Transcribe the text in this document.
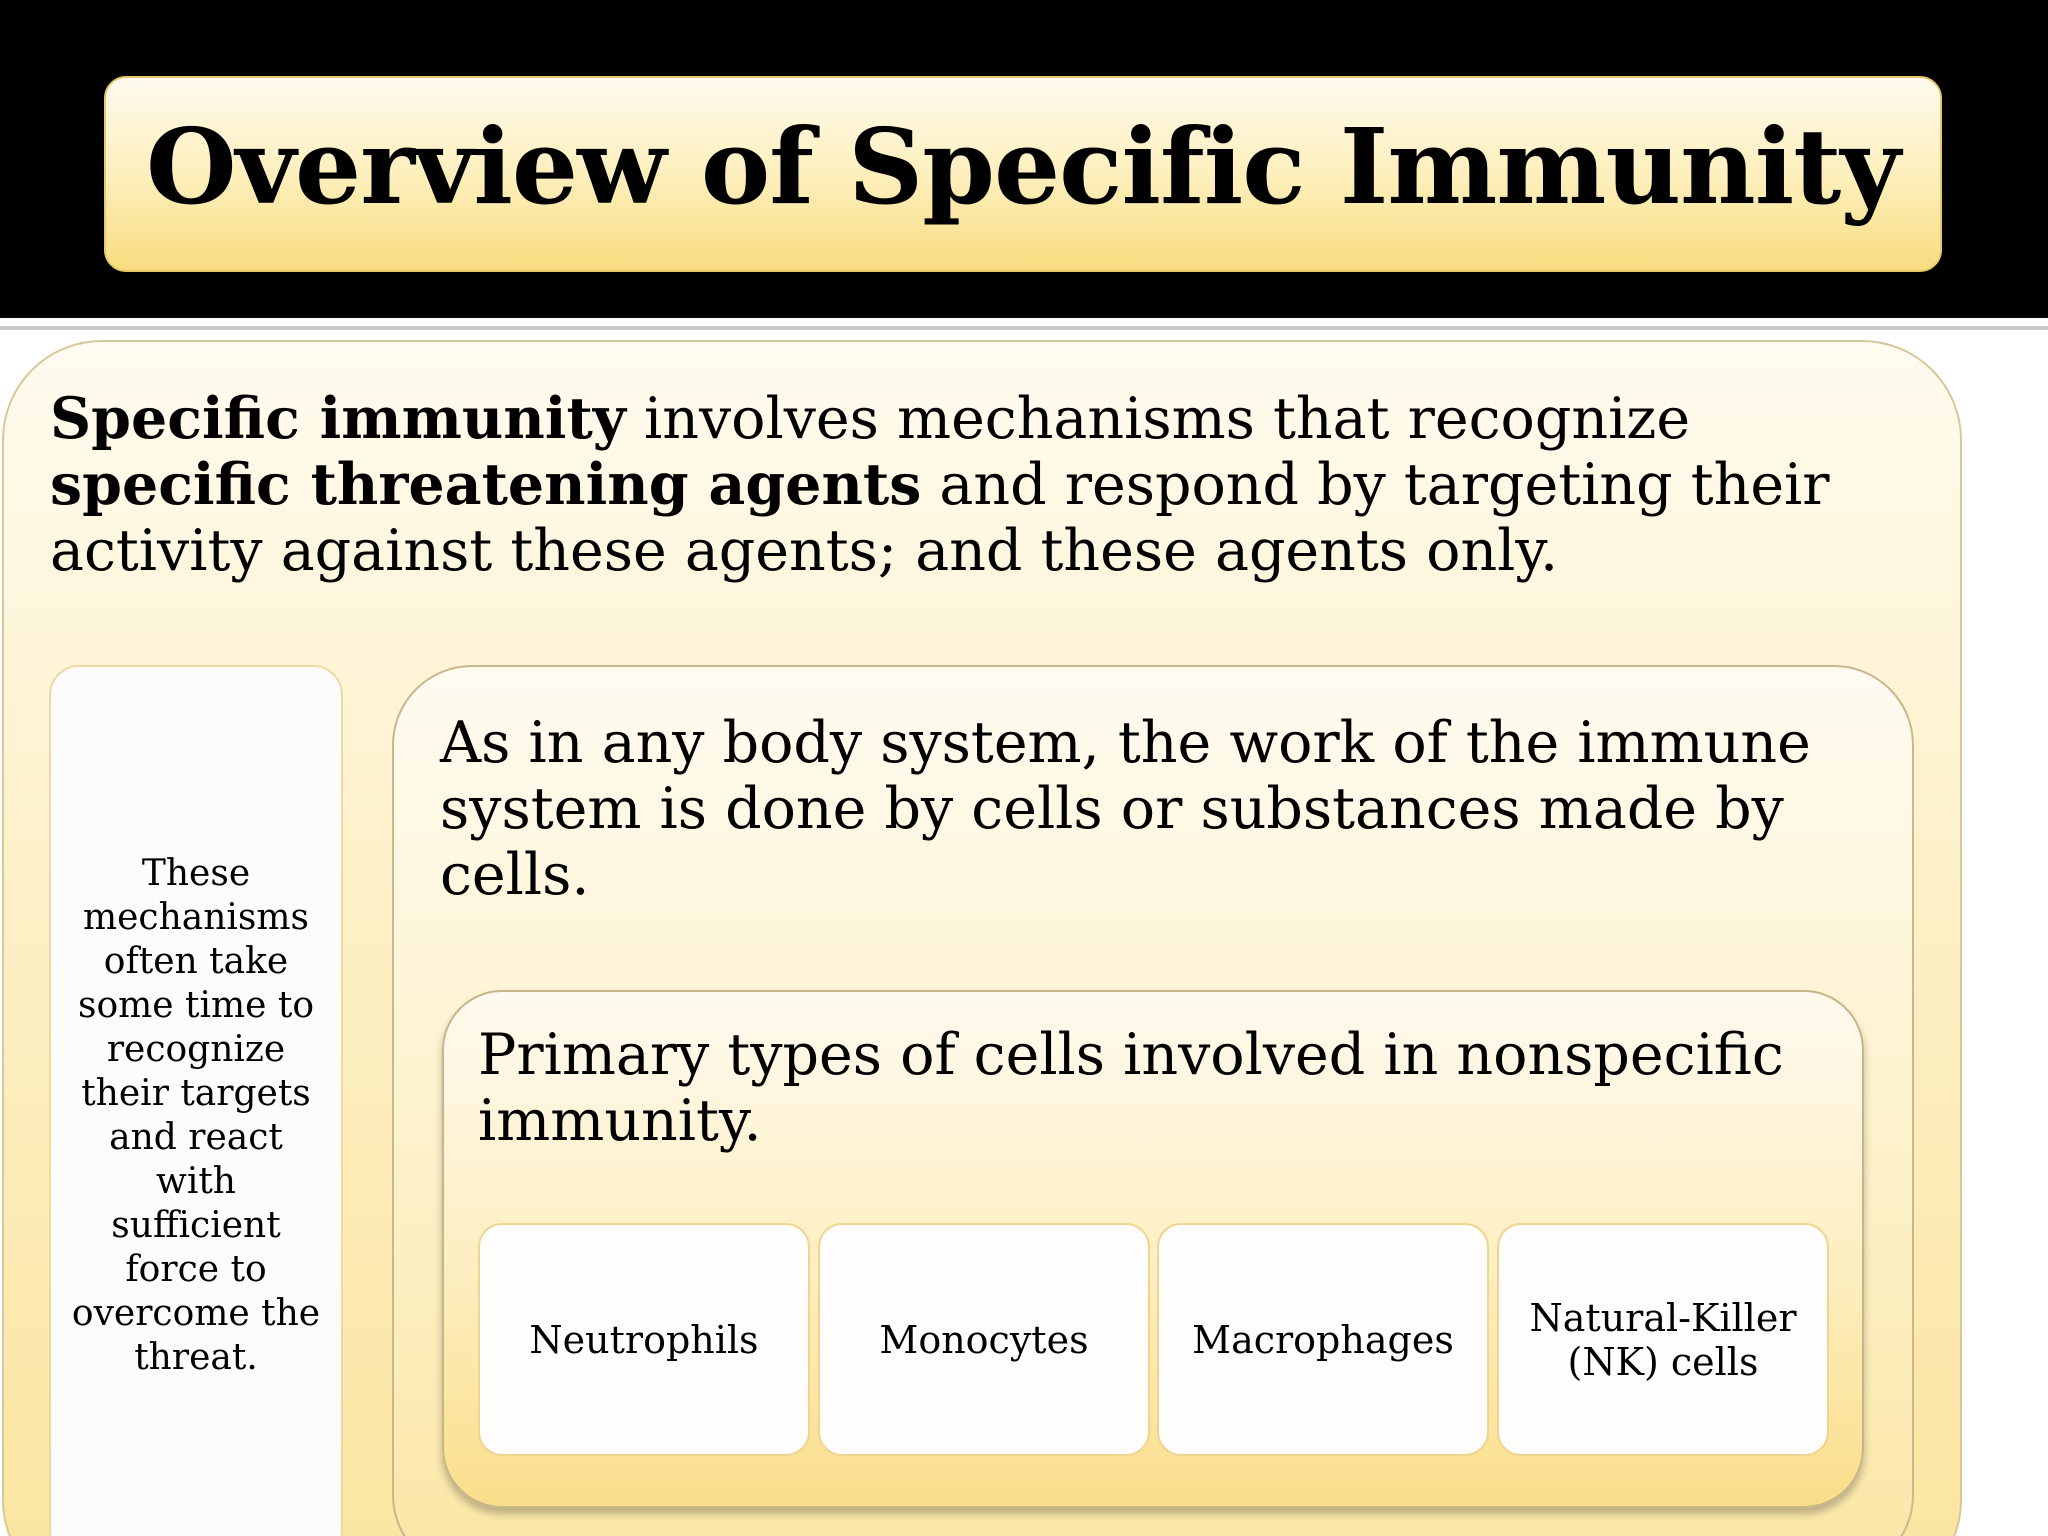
Overview of Specific Immunity

Specific immunity involves mechanisms that recognize specific threatening agents and respond by targeting their activity against these agents; and these agents only.

These mechanisms often take some time to recognize their targets and react with sufficient force to overcome the threat.

As in any body system, the work of the immune system is done by cells or substances made by cells.

Primary types of cells involved in nonspecific immunity.

Neutrophils	Monocytes	Macrophages Natural-Killer (NK) cells
